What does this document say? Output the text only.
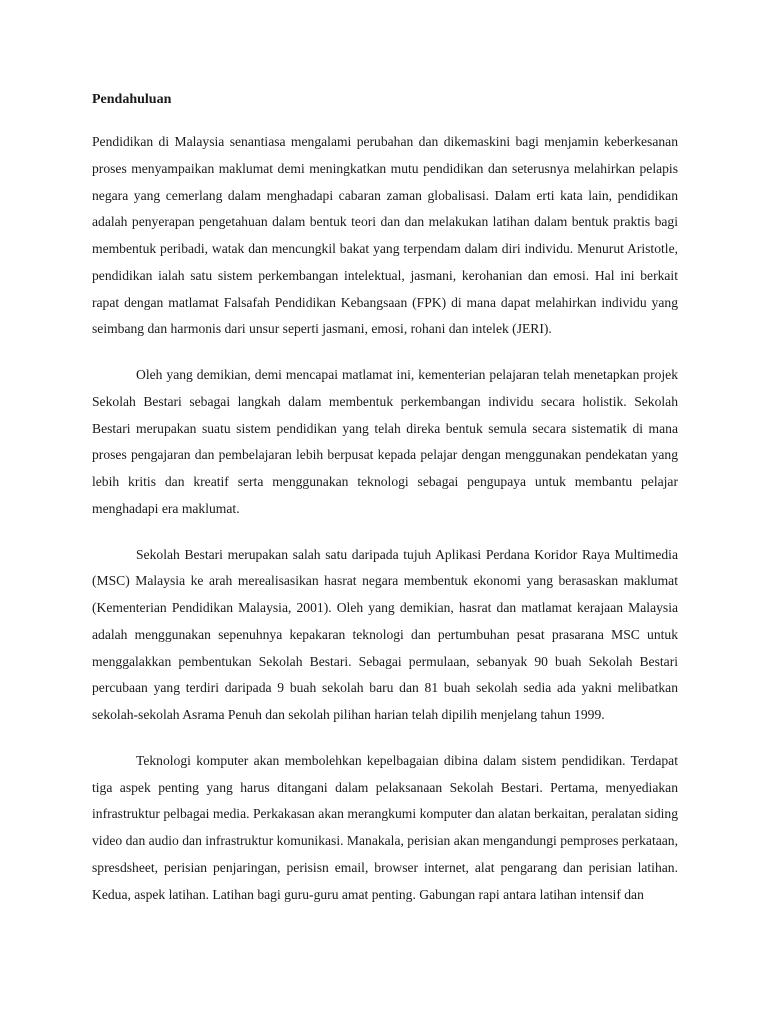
Pendahuluan

Pendidikan di Malaysia senantiasa mengalami perubahan dan dikemaskini bagi menjamin keberkesanan proses menyampaikan maklumat demi meningkatkan mutu pendidikan dan seterusnya melahirkan pelapis negara yang cemerlang dalam menghadapi cabaran zaman globalisasi. Dalam erti kata lain, pendidikan adalah penyerapan pengetahuan dalam bentuk teori dan dan melakukan latihan dalam bentuk praktis bagi membentuk peribadi, watak dan mencungkil bakat yang terpendam dalam diri individu. Menurut Aristotle, pendidikan ialah satu sistem perkembangan intelektual, jasmani, kerohanian dan emosi. Hal ini berkait rapat dengan matlamat Falsafah Pendidikan Kebangsaan (FPK) di mana dapat melahirkan individu yang seimbang dan harmonis dari unsur seperti jasmani, emosi, rohani dan intelek (JERI).

Oleh yang demikian, demi mencapai matlamat ini, kementerian pelajaran telah menetapkan projek Sekolah Bestari sebagai langkah dalam membentuk perkembangan individu secara holistik. Sekolah Bestari merupakan suatu sistem pendidikan yang telah direka bentuk semula secara sistematik di mana proses pengajaran dan pembelajaran lebih berpusat kepada pelajar dengan menggunakan pendekatan yang lebih kritis dan kreatif serta menggunakan teknologi sebagai pengupaya untuk membantu pelajar menghadapi era maklumat.

Sekolah Bestari merupakan salah satu daripada tujuh Aplikasi Perdana Koridor Raya Multimedia (MSC) Malaysia ke arah merealisasikan hasrat negara membentuk ekonomi yang berasaskan maklumat (Kementerian Pendidikan Malaysia, 2001). Oleh yang demikian, hasrat dan matlamat kerajaan Malaysia adalah menggunakan sepenuhnya kepakaran teknologi dan pertumbuhan pesat prasarana MSC untuk menggalakkan pembentukan Sekolah Bestari. Sebagai permulaan, sebanyak 90 buah Sekolah Bestari percubaan yang terdiri daripada 9 buah sekolah baru dan 81 buah sekolah sedia ada yakni melibatkan sekolah-sekolah Asrama Penuh dan sekolah pilihan harian telah dipilih menjelang tahun 1999.

Teknologi komputer akan membolehkan kepelbagaian dibina dalam sistem pendidikan. Terdapat tiga aspek penting yang harus ditangani dalam pelaksanaan Sekolah Bestari. Pertama, menyediakan infrastruktur pelbagai media. Perkakasan akan merangkumi komputer dan alatan berkaitan, peralatan siding video dan audio dan infrastruktur komunikasi. Manakala, perisian akan mengandungi pemproses perkataan, spresdsheet, perisian penjaringan, perisisn email, browser internet, alat pengarang dan perisian latihan. Kedua, aspek latihan. Latihan bagi guru-guru amat penting. Gabungan rapi antara latihan intensif dan
